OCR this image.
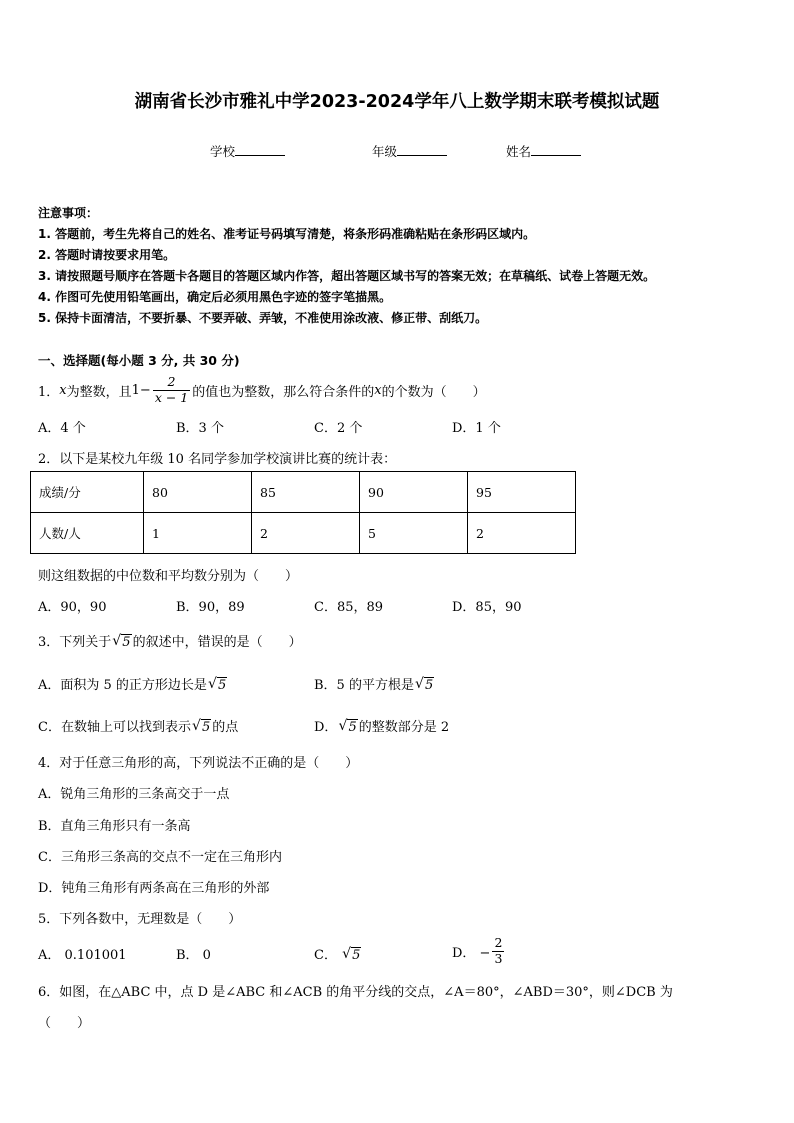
湖南省长沙市雅礼中学2023-2024学年八上数学期末联考模拟试题
学校	年级	姓名
注意事项：
1. 答题前，考生先将自己的姓名、准考证号码填写清楚，将条形码准确粘贴在条形码区域内。
2. 答题时请按要求用笔。
3. 请按照题号顺序在答题卡各题目的答题区域内作答，超出答题区域书写的答案无效；在草稿纸、试卷上答题无效。
4. 作图可先使用铅笔画出，确定后必须用黑色字迹的签字笔描黑。
5. 保持卡面清洁，不要折暴、不要弄破、弄皱，不准使用涂改液、修正带、刮纸刀。
一、选择题(每小题 3 分, 共 30 分)
1． x 为整数，且 $1- \frac{2}{x - 1}$ 的值也为整数，那么符合条件的 x 的个数为（　　）
A．4 个	B．3 个	C．2 个	D．1 个
2．以下是某校九年级 10 名同学参加学校演讲比赛的统计表：
成绩/分	80	85	90	95
人数/人	1	2	5	2
则这组数据的中位数和平均数分别为（　　）
A．90，90	B．90，89	C．85，89	D．85，90
3．下列关于 √ 5 的叙述中，错误的是（　　）
A．面积为 5 的正方形边长是 √ 5	B．5 的平方根是 √ 5
C．在数轴上可以找到表示 √ 5 的点	D． √ 5 的整数部分是 2
4．对于任意三角形的高，下列说法不正确的是（　　）
A．锐角三角形的三条高交于一点
B．直角三角形只有一条高
C．三角形三条高的交点不一定在三角形内
D．钝角三角形有两条高在三角形的外部
5．下列各数中，无理数是（　　）
A． 0.101001	B． 0	C． √ 5	D． − $\frac{2}{3}$
6．如图，在△ABC 中，点 D 是∠ABC 和∠ACB 的角平分线的交点，∠A＝80°，∠ABD＝30°，则∠DCB 为
（　　）
